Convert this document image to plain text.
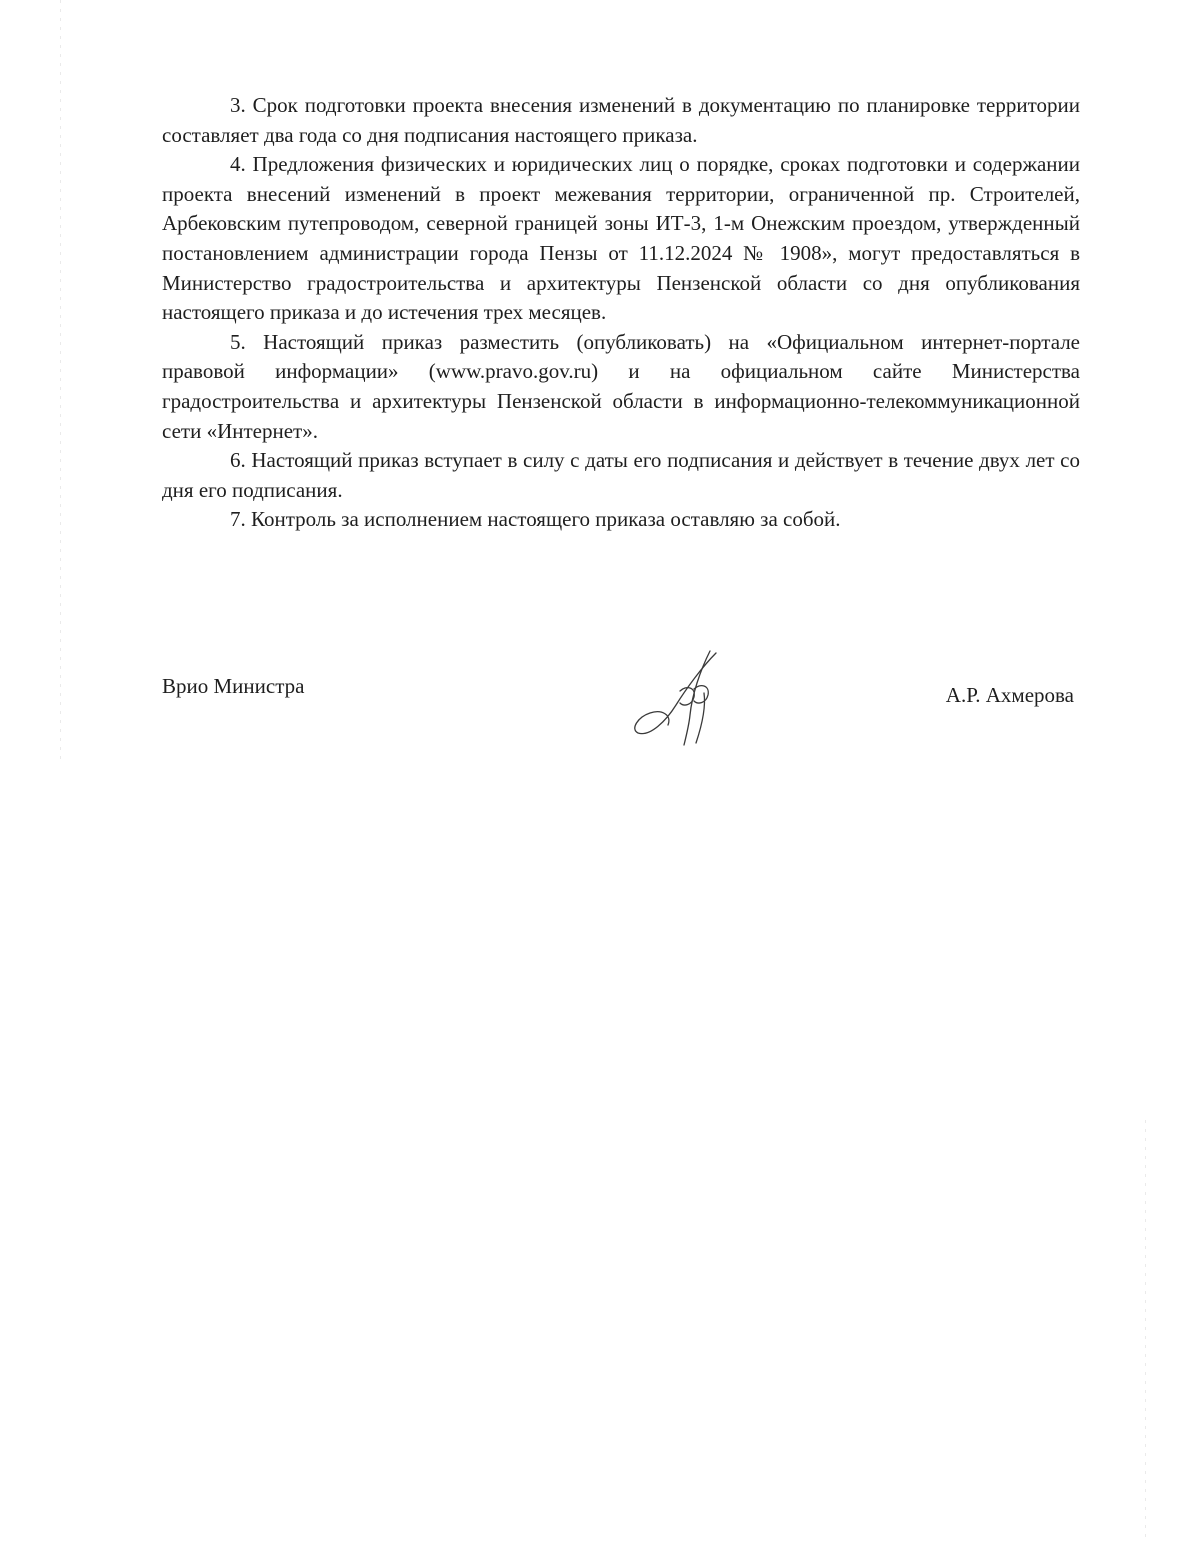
3. Срок подготовки проекта внесения изменений в документацию по планировке территории составляет два года со дня подписания настоящего приказа.

4. Предложения физических и юридических лиц о порядке, сроках подготовки и содержании проекта внесений изменений в проект межевания территории, ограниченной пр. Строителей, Арбековским путепроводом, северной границей зоны ИТ-3, 1-м Онежским проездом, утвержденный постановлением администрации города Пензы от 11.12.2024 № 1908», могут предоставляться в Министерство градостроительства и архитектуры Пензенской области со дня опубликования настоящего приказа и до истечения трех месяцев.

5. Настоящий приказ разместить (опубликовать) на «Официальном интернет-портале правовой информации» (www.pravo.gov.ru) и на официальном сайте Министерства градостроительства и архитектуры Пензенской области в информационно-телекоммуникационной сети «Интернет».

6. Настоящий приказ вступает в силу с даты его подписания и действует в течение двух лет со дня его подписания.

7. Контроль за исполнением настоящего приказа оставляю за собой.

Врио Министра	А.Р. Ахмерова
